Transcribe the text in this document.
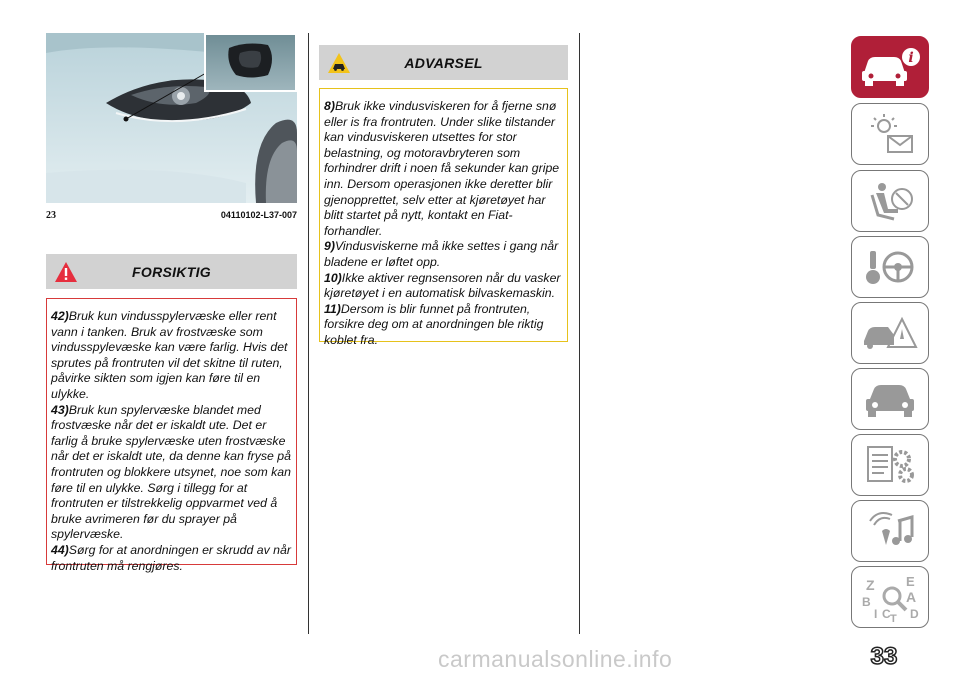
23	04110102-L37-007
FORSIKTIG
42)Bruk kun vindusspylervæske eller rent vann i tanken. Bruk av frostvæske som vindusspylevæske kan være farlig. Hvis det sprutes på frontruten vil det skitne til ruten, påvirke sikten som igjen kan føre til en ulykke.
43)Bruk kun spylervæske blandet med frostvæske når det er iskaldt ute. Det er farlig å bruke spylervæske uten frostvæske når det er iskaldt ute, da denne kan fryse på frontruten og blokkere utsynet, noe som kan føre til en ulykke. Sørg i tillegg for at frontruten er tilstrekkelig oppvarmet ved å bruke avrimeren før du sprayer på spylervæske.
44)Sørg for at anordningen er skrudd av når frontruten må rengjøres.
ADVARSEL
8)Bruk ikke vindusviskeren for å fjerne snø eller is fra frontruten. Under slike tilstander kan vindusviskeren utsettes for stor belastning, og motoravbryteren som forhindrer drift i noen få sekunder kan gripe inn. Dersom operasjonen ikke deretter blir gjenopprettet, selv etter at kjøretøyet har blitt startet på nytt, kontakt en Fiat-forhandler.
9)Vindusviskerne må ikke settes i gang når bladene er løftet opp.
10)Ikke aktiver regnsensoren når du vasker kjøretøyet i en automatisk bilvaskemaskin.
11)Dersom is blir funnet på frontruten, forsikre deg om at anordningen ble riktig koblet fra.
i
Z E
A
B
C D
I T
33
carmanualsonline.info
